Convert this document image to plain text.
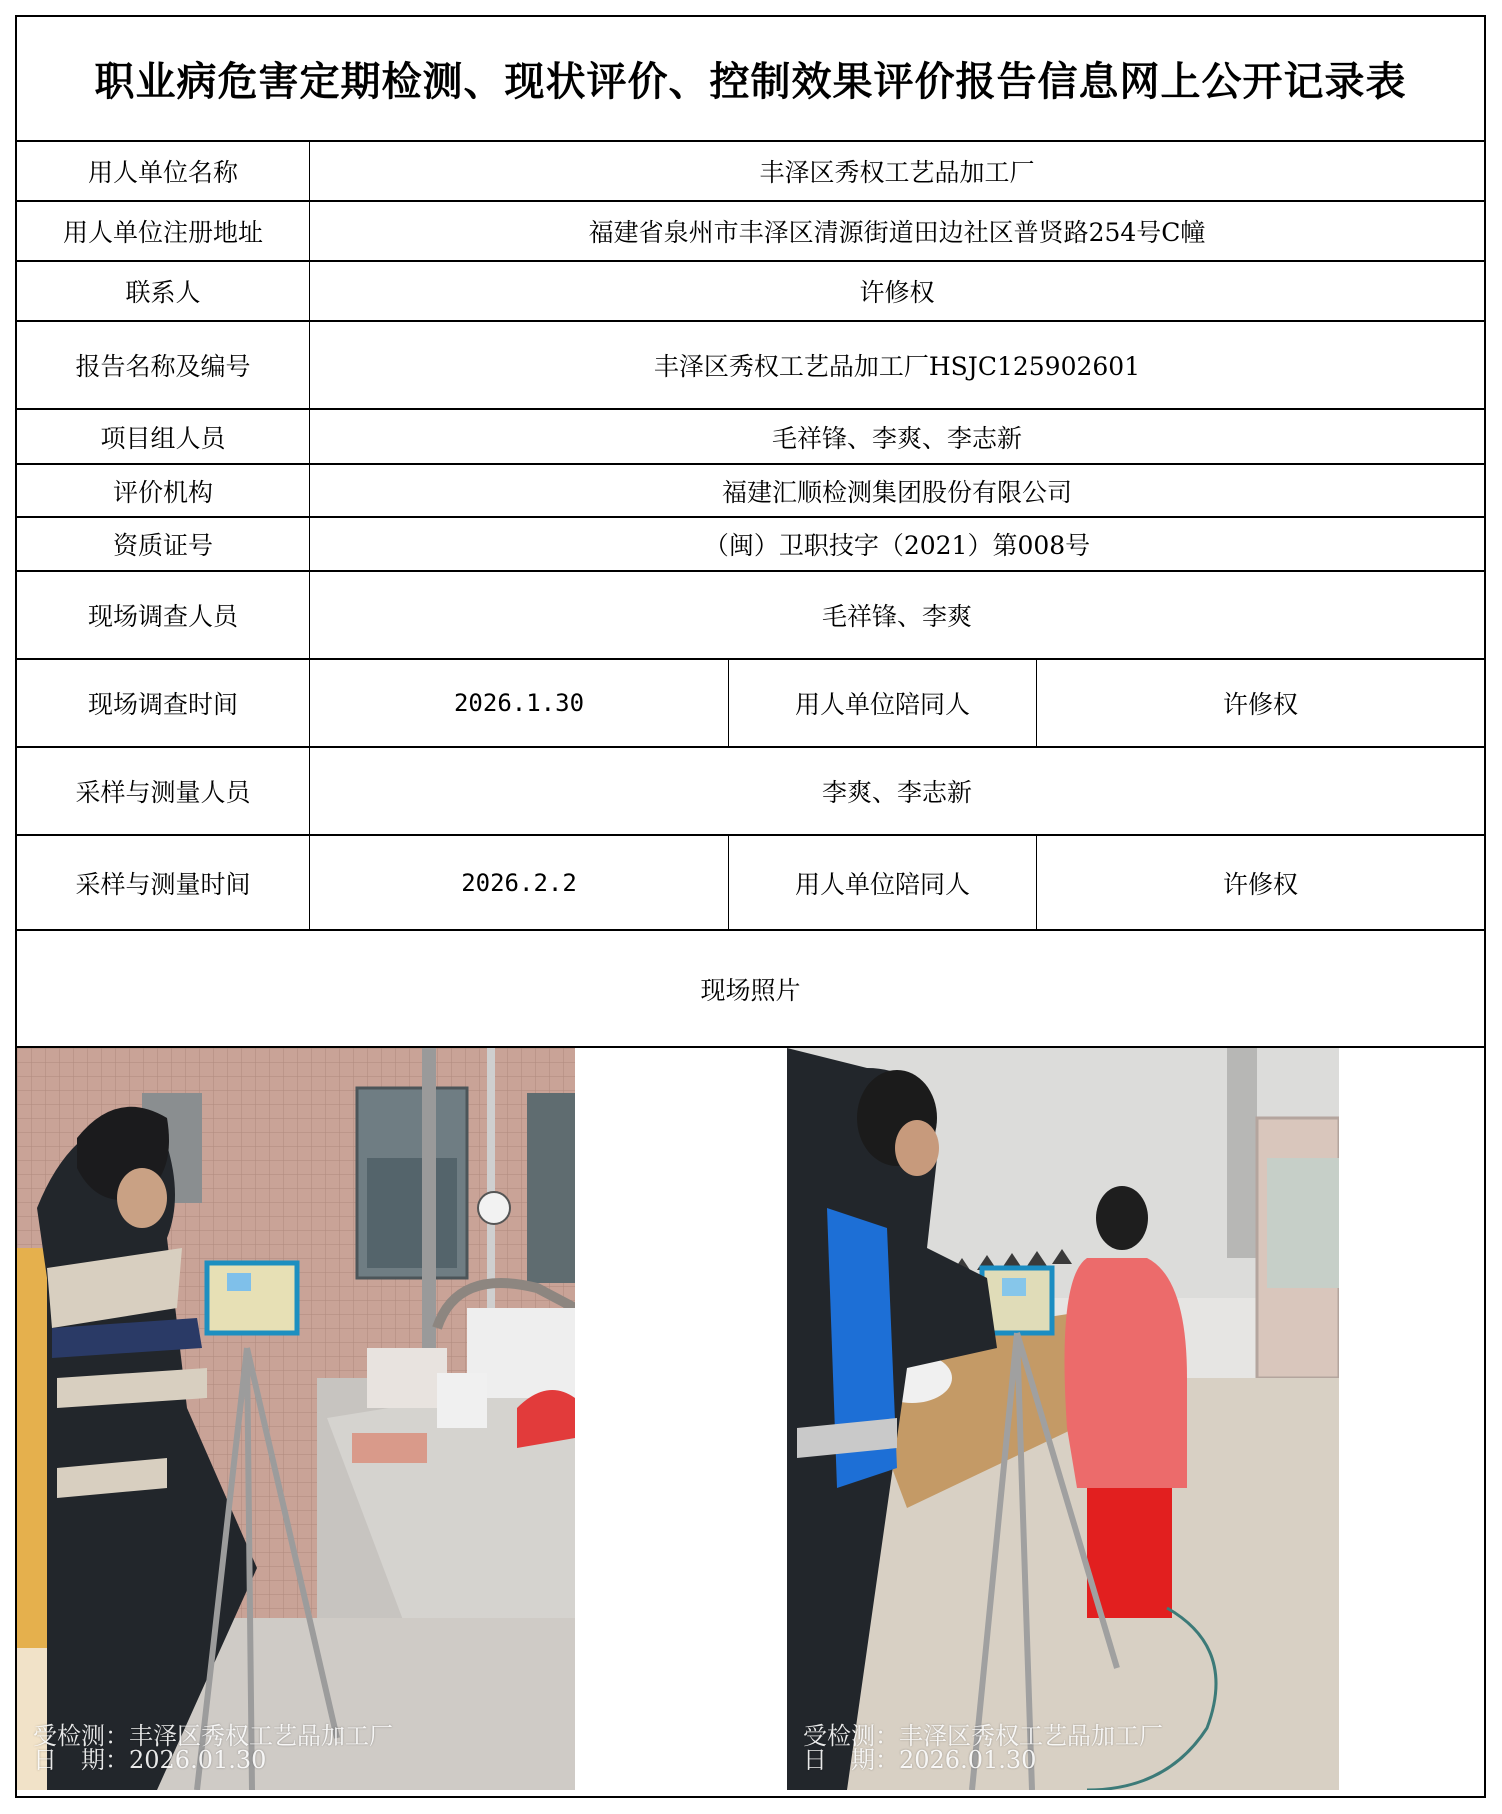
职业病危害定期检测、现状评价、控制效果评价报告信息网上公开记录表
用人单位名称	丰泽区秀权工艺品加工厂
用人单位注册地址	福建省泉州市丰泽区清源街道田边社区普贤路254号C幢
联系人	许修权
报告名称及编号	丰泽区秀权工艺品加工厂HSJC125902601
项目组人员	毛祥锋、李爽、李志新
评价机构	福建汇顺检测集团股份有限公司
资质证号	（闽）卫职技字（2021）第008号
现场调查人员	毛祥锋、李爽
现场调查时间	2026.1.30	用人单位陪同人	许修权
采样与测量人员	李爽、李志新
采样与测量时间	2026.2.2	用人单位陪同人	许修权
现场照片
受检测：丰泽区秀权工艺品加工厂
日　期：2026.01.30
受检测：丰泽区秀权工艺品加工厂
日　期：2026.01.30
